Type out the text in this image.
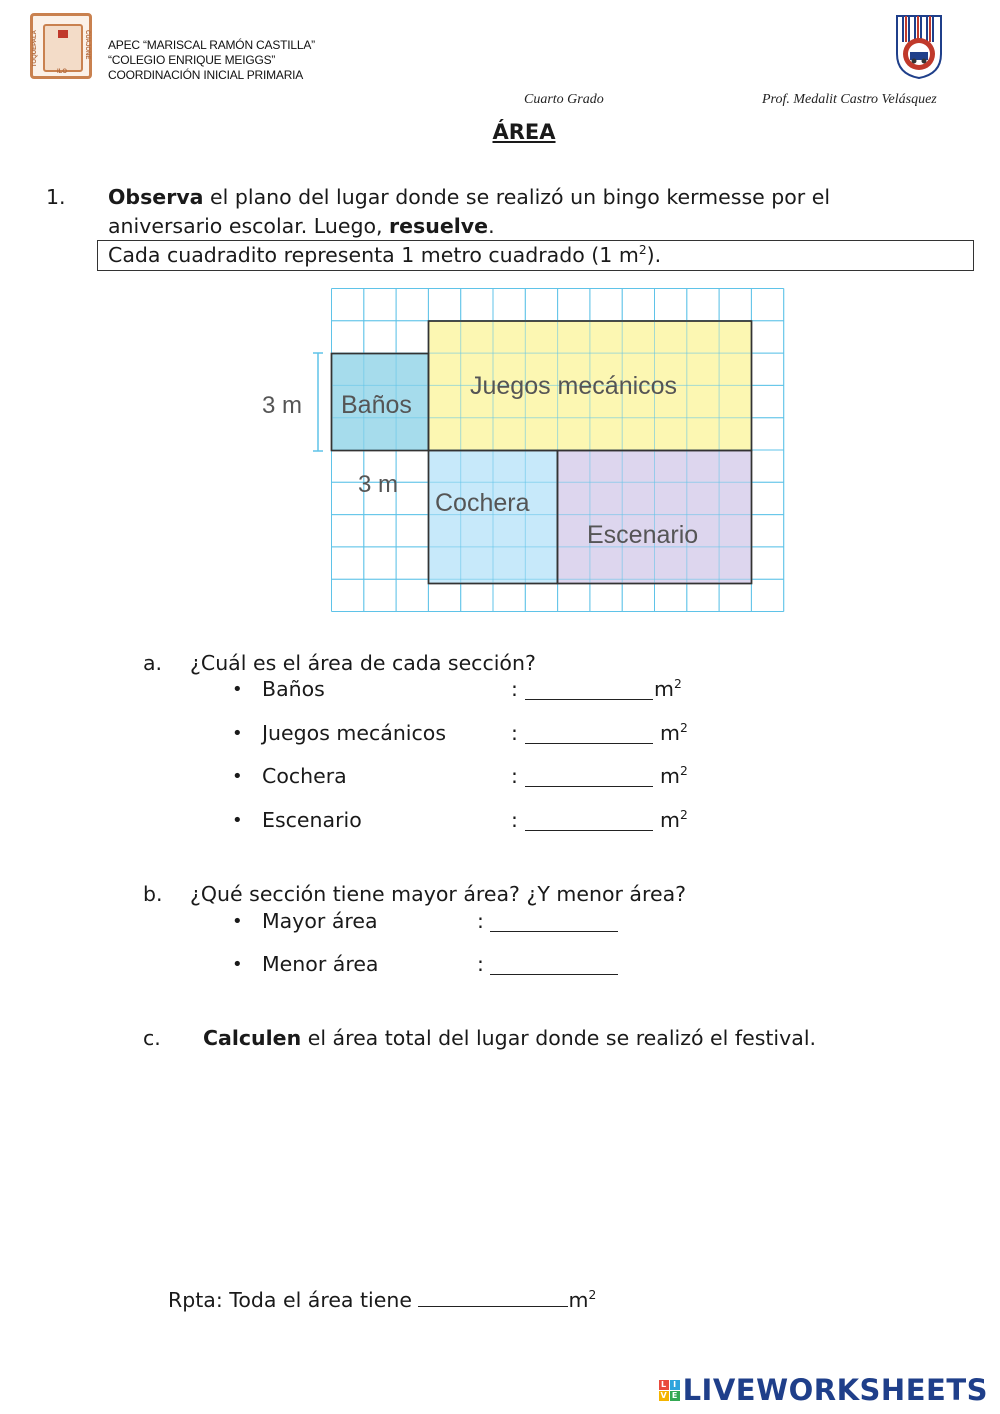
TOQUEPALA	CUAJONE
ILO
APEC “MARISCAL RAMÓN CASTILLA”
“COLEGIO ENRIQUE MEIGGS”
COORDINACIÓN INICIAL PRIMARIA
Cuarto Grado	Prof. Medalit Castro Velásquez
ÁREA
1. Observa el plano del lugar donde se realizó un bingo kermesse por el
aniversario escolar. Luego, resuelve.
Cada cuadradito representa 1 metro cuadrado (1 $m^2$).
3 m
3 m
Baños
Juegos mecánicos
Cochera
Escenario
a. ¿Cuál es el área de cada sección?
• Baños	:	$m^2$
• Juegos mecánicos	:	$m^2$
• Cochera	:	$m^2$
• Escenario	:	$m^2$
b. ¿Qué sección tiene mayor área? ¿Y menor área?
• Mayor área	:
• Menor área	:
c. Calculen el área total del lugar donde se realizó el festival.
Rpta: Toda el área tiene	$m^2$
L I
V E LIVEWORKSHEETS
